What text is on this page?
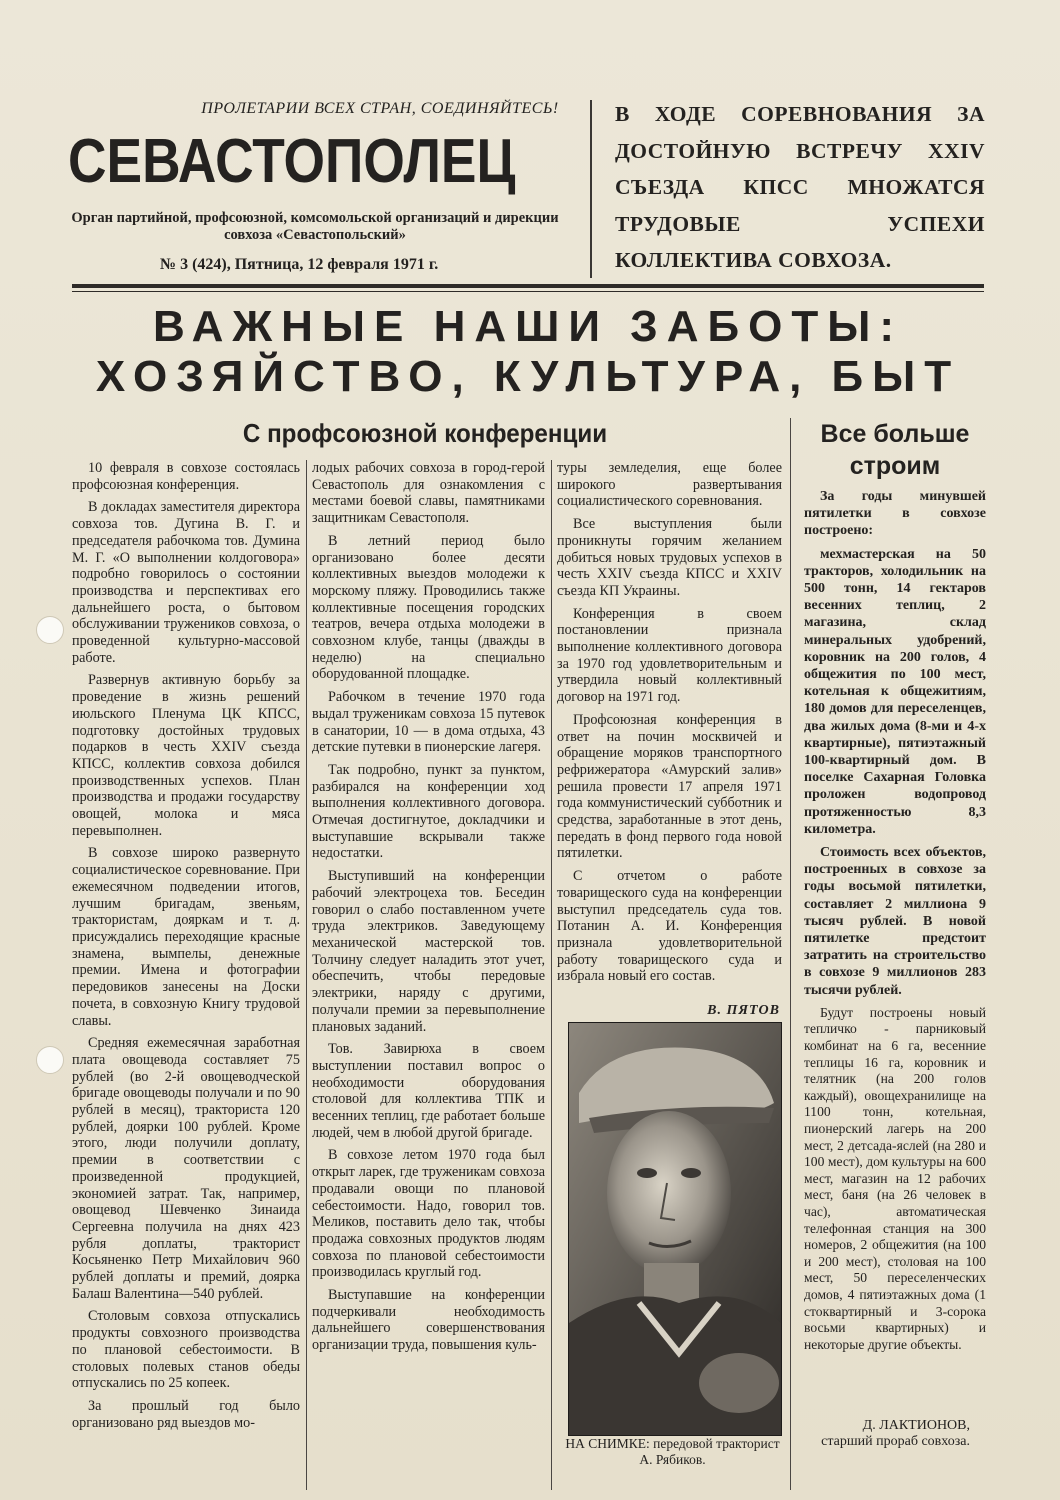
ПРОЛЕТАРИИ ВСЕХ СТРАН, СОЕДИНЯЙТЕСЬ!
СЕВАСТОПОЛЕЦ
Орган партийной, профсоюзной, комсомольской организаций и дирекции совхоза «Севастопольский»
№ 3 (424), Пятница, 12 февраля 1971 г.
В ХОДЕ СОРЕВНОВАНИЯ ЗА ДОСТОЙНУЮ ВСТРЕЧУ XXIV СЪЕЗДА КПСС МНОЖАТСЯ ТРУДОВЫЕ УСПЕХИ КОЛЛЕКТИВА СОВХОЗА.
ВАЖНЫЕ НАШИ ЗАБОТЫ:
ХОЗЯЙСТВО, КУЛЬТУРА, БЫТ
С профсоюзной конференции

10 февраля в совхозе состоялась профсоюзная конференция.

В докладах заместителя директора совхоза тов. Дугина В. Г. и председателя рабочкома тов. Думина М. Г. «О выполнении колдоговора» подробно говорилось о состоянии производства и перспективах его дальнейшего роста, о бытовом обслуживании тружеников совхоза, о проведенной культурно-массовой работе.

Развернув активную борьбу за проведение в жизнь решений июльского Пленума ЦК КПСС, подготовку достойных трудовых подарков в честь XXIV съезда КПСС, коллектив совхоза добился производственных успехов. План производства и продажи государству овощей, молока и мяса перевыполнен.

В совхозе широко развернуто социалистическое соревнование. При ежемесячном подведении итогов, лучшим бригадам, звеньям, трактористам, дояркам и т. д. присуждались переходящие красные знамена, вымпелы, денежные премии. Имена и фотографии передовиков занесены на Доски почета, в совхозную Книгу трудовой славы.

Средняя ежемесячная заработная плата овощевода составляет 75 рублей (во 2-й овощеводческой бригаде овощеводы получали и по 90 рублей в месяц), тракториста 120 рублей, доярки 100 рублей. Кроме этого, люди получили доплату, премии в соответствии с произведенной продукцией, экономией затрат. Так, например, овощевод Шевченко Зинаида Сергеевна получила на днях 423 рубля доплаты, тракторист Косьяненко Петр Михайлович 960 рублей доплаты и премий, доярка Балаш Валентина—540 рублей.

Столовым совхоза отпускались продукты совхозного производства по плановой себестоимости. В столовых полевых станов обеды отпускались по 25 копеек.

За прошлый год было организовано ряд выездов мо-

лодых рабочих совхоза в город-герой Севастополь для ознакомления с местами боевой славы, памятниками защитникам Севастополя.

В летний период было организовано более десяти коллективных выездов молодежи к морскому пляжу. Проводились также коллективные посещения городских театров, вечера отдыха молодежи в совхозном клубе, танцы (дважды в неделю) на специально оборудованной площадке.

Рабочком в течение 1970 года выдал труженикам совхоза 15 путевок в санатории, 10 — в дома отдыха, 43 детские путевки в пионерские лагеря.

Так подробно, пункт за пунктом, разбирался на конференции ход выполнения коллективного договора. Отмечая достигнутое, докладчики и выступавшие вскрывали также недостатки.

Выступивший на конференции рабочий электроцеха тов. Беседин говорил о слабо поставленном учете труда электриков. Заведующему механической мастерской тов. Толчину следует наладить этот учет, обеспечить, чтобы передовые электрики, наряду с другими, получали премии за перевыполнение плановых заданий.

Тов. Завирюха в своем выступлении поставил вопрос о необходимости оборудования столовой для коллектива ТПК и весенних теплиц, где работает больше людей, чем в любой другой бригаде.

В совхозе летом 1970 года был открыт ларек, где труженикам совхоза продавали овощи по плановой себестоимости. Надо, говорил тов. Меликов, поставить дело так, чтобы продажа совхозных продуктов людям совхоза по плановой себестоимости производилась круглый год.

Выступавшие на конференции подчеркивали необходимость дальнейшего совершенствования организации труда, повышения куль-

туры земледелия, еще более широкого развертывания социалистического соревнования.

Все выступления были проникнуты горячим желанием добиться новых трудовых успехов в честь XXIV съезда КПСС и XXIV съезда КП Украины.

Конференция в своем постановлении признала выполнение коллективного договора за 1970 год удовлетворительным и утвердила новый коллективный договор на 1971 год.

Профсоюзная конференция в ответ на почин москвичей и обращение моряков транспортного рефрижератора «Амурский залив» решила провести 17 апреля 1971 года коммунистический субботник и средства, заработанные в этот день, передать в фонд первого года новой пятилетки.

С отчетом о работе товарищеского суда на конференции выступил председатель суда тов. Потанин А. И. Конференция признала удовлетворительной работу товарищеского суда и избрала новый его состав.

В. ПЯТОВ
НА СНИМКЕ: передовой тракторист А. Рябиков.
Все больше строим

За годы минувшей пятилетки в совхозе построено:

мехмастерская на 50 тракторов, холодильник на 500 тонн, 14 гектаров весенних теплиц, 2 магазина, склад минеральных удобрений, коровник на 200 голов, 4 общежития по 100 мест, котельная к общежитиям, 180 домов для переселенцев, два жилых дома (8-ми и 4-х квартирные), пятиэтажный 100-квартирный дом. В поселке Сахарная Головка проложен водопровод протяженностью 8,3 километра.

Стоимость всех объектов, построенных в совхозе за годы восьмой пятилетки, составляет 2 миллиона 9 тысяч рублей. В новой пятилетке предстоит затратить на строительство в совхозе 9 миллионов 283 тысячи рублей.

Будут построены новый тепличко - парниковый комбинат на 6 га, весенние теплицы 16 га, коровник и телятник (на 200 голов каждый), овощехранилище на 1100 тонн, котельная, пионерский лагерь на 200 мест, 2 детсада-яслей (на 280 и 100 мест), дом культуры на 600 мест, магазин на 12 рабочих мест, баня (на 26 человек в час), автоматическая телефонная станция на 300 номеров, 2 общежития (на 100 и 200 мест), столовая на 100 мест, 50 переселенческих домов, 4 пятиэтажных дома (1 стоквартирный и 3-сорока восьми квартирных) и некоторые другие объекты.

Д. ЛАКТИОНОВ,
старший прораб совхоза.
